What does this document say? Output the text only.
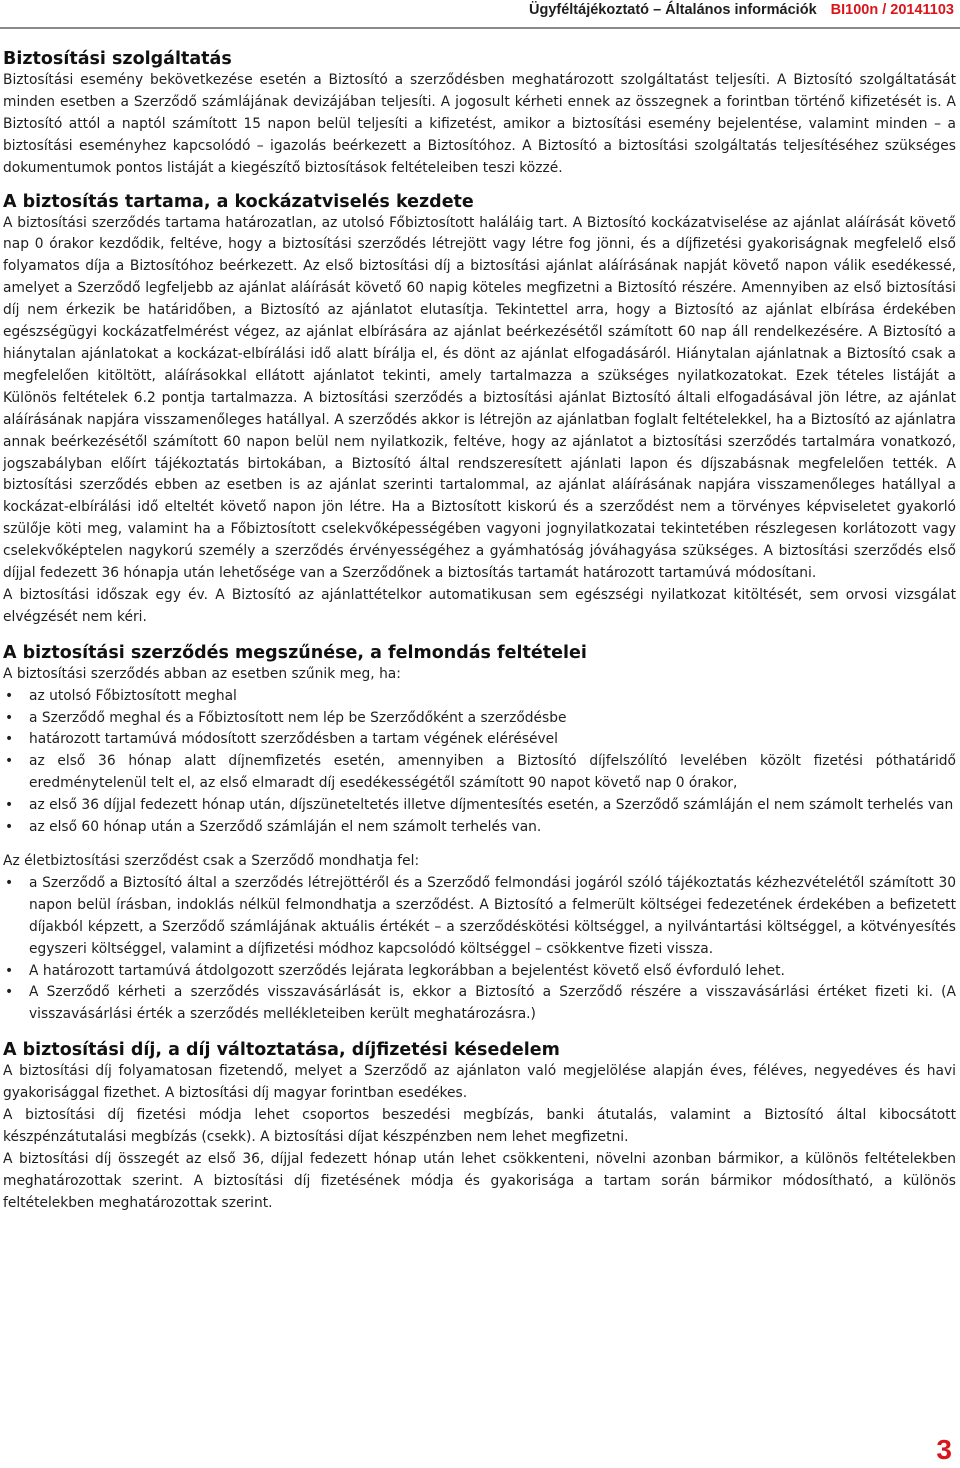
Ügyféltájékoztató – Általános információk BI100n / 20141103
Biztosítási szolgáltatás

Biztosítási esemény bekövetkezése esetén a Biztosító a szerződésben meghatározott szolgáltatást teljesíti. A Biztosító szolgáltatását minden esetben a Szerződő számlájának devizájában teljesíti. A jogosult kérheti ennek az összegnek a forintban történő kifizetését is. A Biztosító attól a naptól számított 15 napon belül teljesíti a kifizetést, amikor a biztosítási esemény bejelentése, valamint minden – a biztosítási eseményhez kapcsolódó – igazolás beérkezett a Biztosítóhoz. A Biztosító a biztosítási szolgáltatás teljesítéséhez szükséges dokumentumok pontos listáját a kiegészítő biztosítások feltételeiben teszi közzé.

A biztosítás tartama, a kockázatviselés kezdete

A biztosítási szerződés tartama határozatlan, az utolsó Főbiztosított haláláig tart. A Biztosító kockázatviselése az ajánlat aláírását követő nap 0 órakor kezdődik, feltéve, hogy a biztosítási szerződés létrejött vagy létre fog jönni, és a díjfizetési gyakoriságnak megfelelő első folyamatos díja a Biztosítóhoz beérkezett. Az első biztosítási díj a biztosítási ajánlat aláírásának napját követő napon válik esedékessé, amelyet a Szerződő legfeljebb az ajánlat aláírását követő 60 napig köteles megfizetni a Biztosító részére. Amennyiben az első biztosítási díj nem érkezik be határidőben, a Biztosító az ajánlatot elutasítja. Tekintettel arra, hogy a Biztosító az ajánlat elbírása érdekében egészségügyi kockázatfelmérést végez, az ajánlat elbírására az ajánlat beérkezésétől számított 60 nap áll rendelkezésére. A Biztosító a hiánytalan ajánlatokat a kockázat-elbírálási idő alatt bírálja el, és dönt az ajánlat elfogadásáról. Hiánytalan ajánlatnak a Biztosító csak a megfelelően kitöltött, aláírásokkal ellátott ajánlatot tekinti, amely tartalmazza a szükséges nyilatkozatokat. Ezek tételes listáját a Különös feltételek 6.2 pontja tartalmazza. A biztosítási szerződés a biztosítási ajánlat Biztosító általi elfogadásával jön létre, az ajánlat aláírásának napjára visszamenőleges hatállyal. A szerződés akkor is létrejön az ajánlatban foglalt feltételekkel, ha a Biztosító az ajánlatra annak beérkezésétől számított 60 napon belül nem nyilatkozik, feltéve, hogy az ajánlatot a biztosítási szerződés tartalmára vonatkozó, jogszabályban előírt tájékoztatás birtokában, a Biztosító által rendszeresített ajánlati lapon és díjszabásnak megfelelően tették. A biztosítási szerződés ebben az esetben is az ajánlat szerinti tartalommal, az ajánlat aláírásának napjára visszamenőleges hatállyal a kockázat-elbírálási idő elteltét követő napon jön létre. Ha a Biztosított kiskorú és a szerződést nem a törvényes képviseletet gyakorló szülője köti meg, valamint ha a Főbiztosított cselekvőképességében vagyoni jognyilatkozatai tekintetében részlegesen korlátozott vagy cselekvőképtelen nagykorú személy a szerződés érvényességéhez a gyámhatóság jóváhagyása szükséges. A biztosítási szerződés első díjjal fedezett 36 hónapja után lehetősége van a Szerződőnek a biztosítás tartamát határozott tartamúvá módosítani.

A biztosítási időszak egy év. A Biztosító az ajánlattételkor automatikusan sem egészségi nyilatkozat kitöltését, sem orvosi vizsgálat elvégzését nem kéri.

A biztosítási szerződés megszűnése, a felmondás feltételei

A biztosítási szerződés abban az esetben szűnik meg, ha:

• az utolsó Főbiztosított meghal
• a Szerződő meghal és a Főbiztosított nem lép be Szerződőként a szerződésbe
• határozott tartamúvá módosított szerződésben a tartam végének elérésével
• az első 36 hónap alatt díjnemfizetés esetén, amennyiben a Biztosító díjfelszólító levelében közölt fizetési póthatáridő eredménytelenül telt el, az első elmaradt díj esedékességétől számított 90 napot követő nap 0 órakor,
• az első 36 díjjal fedezett hónap után, díjszüneteltetés illetve díjmentesítés esetén, a Szerződő számláján el nem számolt terhelés van
• az első 60 hónap után a Szerződő számláján el nem számolt terhelés van.

Az életbiztosítási szerződést csak a Szerződő mondhatja fel:

• a Szerződő a Biztosító által a szerződés létrejöttéről és a Szerződő felmondási jogáról szóló tájékoztatás kézhezvételétől számított 30 napon belül írásban, indoklás nélkül felmondhatja a szerződést. A Biztosító a felmerült költségei fedezetének érdekében a befizetett díjakból képzett, a Szerződő számlájának aktuális értékét – a szerződéskötési költséggel, a nyilvántartási költséggel, a kötvényesítés egyszeri költséggel, valamint a díjfizetési módhoz kapcsolódó költséggel – csökkentve fizeti vissza.
• A határozott tartamúvá átdolgozott szerződés lejárata legkorábban a bejelentést követő első évforduló lehet.
• A Szerződő kérheti a szerződés visszavásárlását is, ekkor a Biztosító a Szerződő részére a visszavásárlási értéket fizeti ki. (A visszavásárlási érték a szerződés mellékleteiben került meghatározásra.)
A biztosítási díj, a díj változtatása, díjfizetési késedelem

A biztosítási díj folyamatosan fizetendő, melyet a Szerződő az ajánlaton való megjelölése alapján éves, féléves, negyedéves és havi gyakorisággal fizethet. A biztosítási díj magyar forintban esedékes.

A biztosítási díj fizetési módja lehet csoportos beszedési megbízás, banki átutalás, valamint a Biztosító által kibocsátott készpénzátutalási megbízás (csekk). A biztosítási díjat készpénzben nem lehet megfizetni.

A biztosítási díj összegét az első 36, díjjal fedezett hónap után lehet csökkenteni, növelni azonban bármikor, a különös feltételekben meghatározottak szerint. A biztosítási díj fizetésének módja és gyakorisága a tartam során bármikor módosítható, a különös feltételekben meghatározottak szerint.

3
